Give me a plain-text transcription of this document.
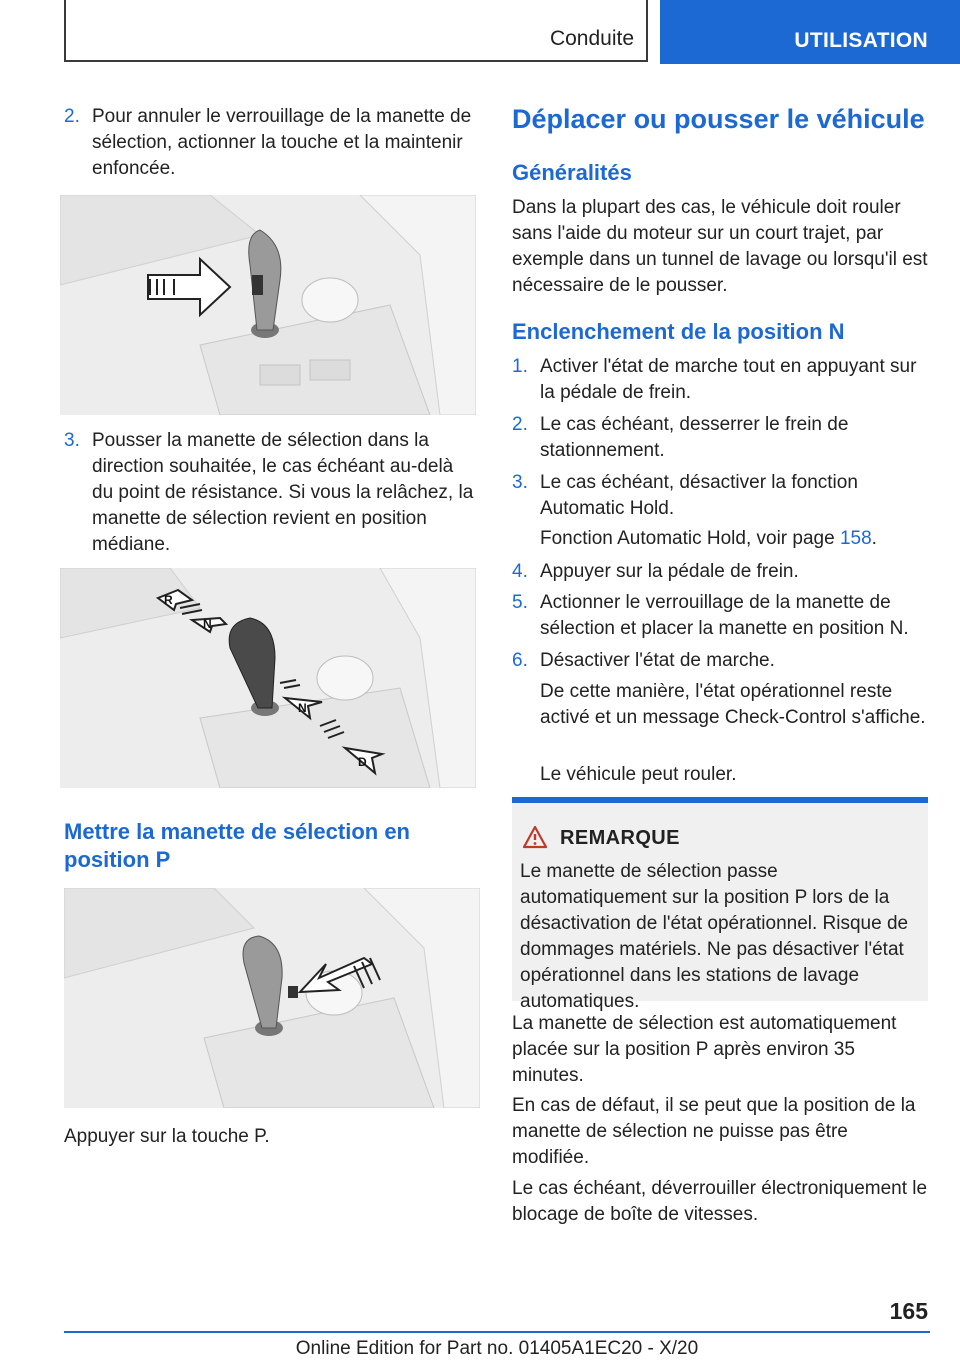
Conduite	UTILISATION
2. Pour annuler le verrouillage de la manette de sélection, actionner la touche et la maintenir enfoncée.
3. Pousser la manette de sélection dans la direction souhaitée, le cas échéant au-delà du point de résistance. Si vous la relâchez, la manette de sélection revient en position médiane.
R
N
N
D
Mettre la manette de sélection en position P
Appuyer sur la touche P.
Déplacer ou pousser le véhicule
Généralités
Dans la plupart des cas, le véhicule doit rouler sans l'aide du moteur sur un court trajet, par exemple dans un tunnel de lavage ou lorsqu'il est nécessaire de le pousser.
Enclenchement de la position N
1. Activer l'état de marche tout en appuyant sur la pédale de frein.
2. Le cas échéant, desserrer le frein de stationnement.
3. Le cas échéant, désactiver la fonction Automatic Hold.
Fonction Automatic Hold, voir page 158.
4. Appuyer sur la pédale de frein.
5. Actionner le verrouillage de la manette de sélection et placer la manette en position N.
6. Désactiver l'état de marche.
De cette manière, l'état opérationnel reste activé et un message Check-Control s'affiche.
Le véhicule peut rouler.
REMARQUE
Le manette de sélection passe automatiquement sur la position P lors de la désactivation de l'état opérationnel. Risque de dommages matériels. Ne pas désactiver l'état opérationnel dans les stations de lavage automatiques.
La manette de sélection est automatiquement placée sur la position P après environ 35 minutes.
En cas de défaut, il se peut que la position de la manette de sélection ne puisse pas être modifiée.
Le cas échéant, déverrouiller électroniquement le blocage de boîte de vitesses.
165
Online Edition for Part no. 01405A1EC20 - X/20
